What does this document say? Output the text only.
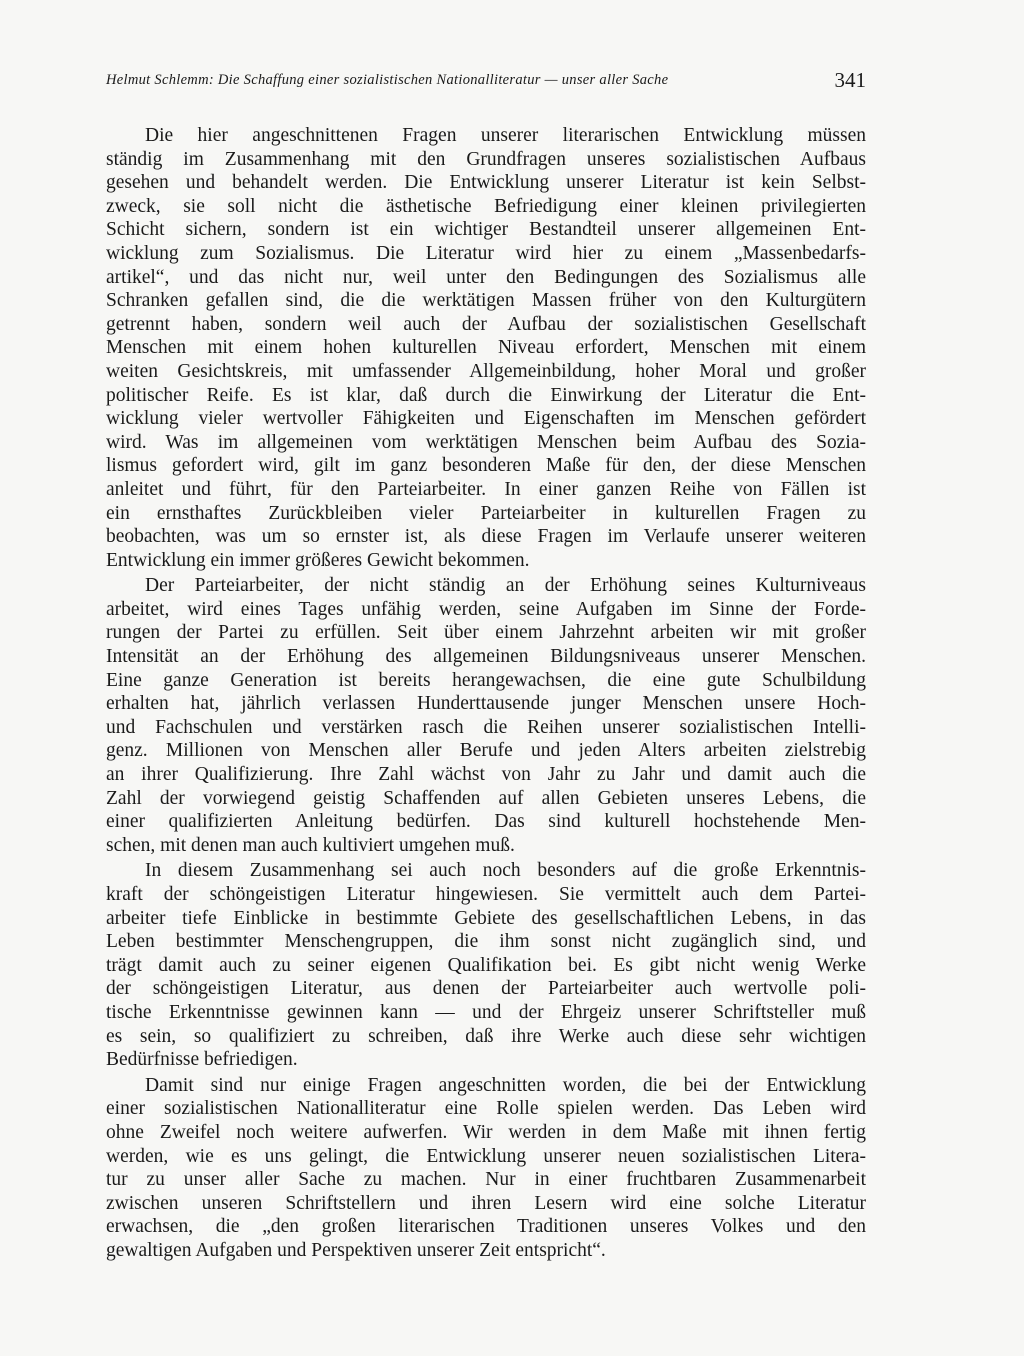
Helmut Schlemm: Die Schaffung einer sozialistischen Nationalliteratur — unser aller Sache	341
Die hier angeschnittenen Fragen unserer literarischen Entwicklung müssen
ständig im Zusammenhang mit den Grundfragen unseres sozialistischen Aufbaus
gesehen und behandelt werden. Die Entwicklung unserer Literatur ist kein Selbst-
zweck, sie soll nicht die ästhetische Befriedigung einer kleinen privilegierten
Schicht sichern, sondern ist ein wichtiger Bestandteil unserer allgemeinen Ent-
wicklung zum Sozialismus. Die Literatur wird hier zu einem „Massenbedarfs-
artikel“, und das nicht nur, weil unter den Bedingungen des Sozialismus alle
Schranken gefallen sind, die die werktätigen Massen früher von den Kulturgütern
getrennt haben, sondern weil auch der Aufbau der sozialistischen Gesellschaft
Menschen mit einem hohen kulturellen Niveau erfordert, Menschen mit einem
weiten Gesichtskreis, mit umfassender Allgemeinbildung, hoher Moral und großer
politischer Reife. Es ist klar, daß durch die Einwirkung der Literatur die Ent-
wicklung vieler wertvoller Fähigkeiten und Eigenschaften im Menschen gefördert
wird. Was im allgemeinen vom werktätigen Menschen beim Aufbau des Sozia-
lismus gefordert wird, gilt im ganz besonderen Maße für den, der diese Menschen
anleitet und führt, für den Parteiarbeiter. In einer ganzen Reihe von Fällen ist
ein ernsthaftes Zurückbleiben vieler Parteiarbeiter in kulturellen Fragen zu
beobachten, was um so ernster ist, als diese Fragen im Verlaufe unserer weiteren
Entwicklung ein immer größeres Gewicht bekommen.
Der Parteiarbeiter, der nicht ständig an der Erhöhung seines Kulturniveaus
arbeitet, wird eines Tages unfähig werden, seine Aufgaben im Sinne der Forde-
rungen der Partei zu erfüllen. Seit über einem Jahrzehnt arbeiten wir mit großer
Intensität an der Erhöhung des allgemeinen Bildungsniveaus unserer Menschen.
Eine ganze Generation ist bereits herangewachsen, die eine gute Schulbildung
erhalten hat, jährlich verlassen Hunderttausende junger Menschen unsere Hoch-
und Fachschulen und verstärken rasch die Reihen unserer sozialistischen Intelli-
genz. Millionen von Menschen aller Berufe und jeden Alters arbeiten zielstrebig
an ihrer Qualifizierung. Ihre Zahl wächst von Jahr zu Jahr und damit auch die
Zahl der vorwiegend geistig Schaffenden auf allen Gebieten unseres Lebens, die
einer qualifizierten Anleitung bedürfen. Das sind kulturell hochstehende Men-
schen, mit denen man auch kultiviert umgehen muß.
In diesem Zusammenhang sei auch noch besonders auf die große Erkenntnis-
kraft der schöngeistigen Literatur hingewiesen. Sie vermittelt auch dem Partei-
arbeiter tiefe Einblicke in bestimmte Gebiete des gesellschaftlichen Lebens, in das
Leben bestimmter Menschengruppen, die ihm sonst nicht zugänglich sind, und
trägt damit auch zu seiner eigenen Qualifikation bei. Es gibt nicht wenig Werke
der schöngeistigen Literatur, aus denen der Parteiarbeiter auch wertvolle poli-
tische Erkenntnisse gewinnen kann — und der Ehrgeiz unserer Schriftsteller muß
es sein, so qualifiziert zu schreiben, daß ihre Werke auch diese sehr wichtigen
Bedürfnisse befriedigen.
Damit sind nur einige Fragen angeschnitten worden, die bei der Entwicklung
einer sozialistischen Nationalliteratur eine Rolle spielen werden. Das Leben wird
ohne Zweifel noch weitere aufwerfen. Wir werden in dem Maße mit ihnen fertig
werden, wie es uns gelingt, die Entwicklung unserer neuen sozialistischen Litera-
tur zu unser aller Sache zu machen. Nur in einer fruchtbaren Zusammenarbeit
zwischen unseren Schriftstellern und ihren Lesern wird eine solche Literatur
erwachsen, die „den großen literarischen Traditionen unseres Volkes und den
gewaltigen Aufgaben und Perspektiven unserer Zeit entspricht“.
